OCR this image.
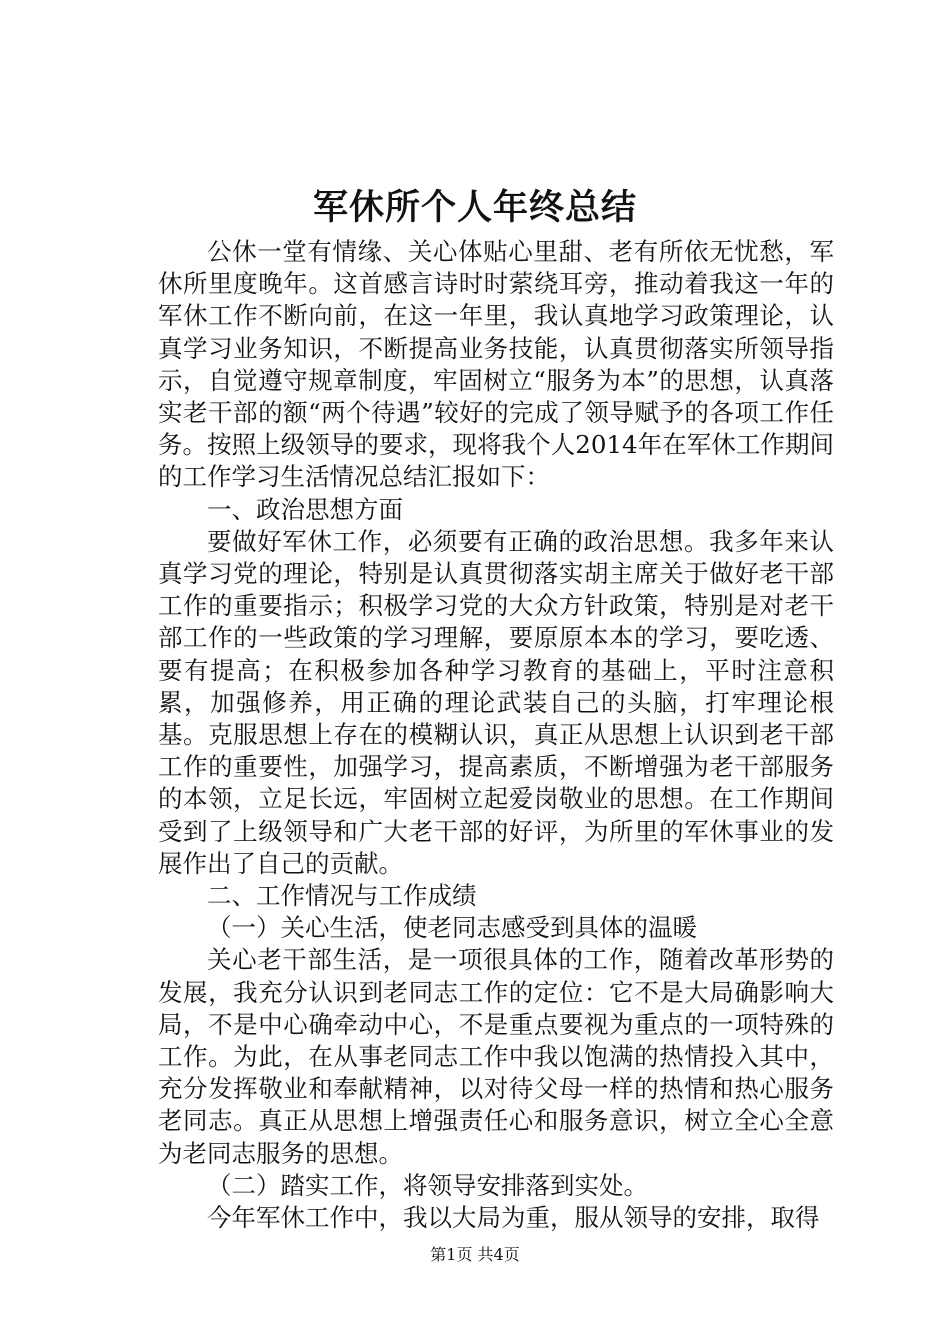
军休所个人年终总结

公休一堂有情缘、关心体贴心里甜、老有所依无忧愁，军休所里度晚年。这首感言诗时时萦绕耳旁，推动着我这一年的军休工作不断向前，在这一年里，我认真地学习政策理论，认真学习业务知识，不断提高业务技能，认真贯彻落实所领导指示，自觉遵守规章制度，牢固树立“服务为本”的思想，认真落实老干部的额“两个待遇”较好的完成了领导赋予的各项工作任务。按照上级领导的要求，现将我个人2014年在军休工作期间的工作学习生活情况总结汇报如下：

一、政治思想方面

要做好军休工作，必须要有正确的政治思想。我多年来认真学习党的理论，特别是认真贯彻落实胡主席关于做好老干部工作的重要指示；积极学习党的大众方针政策，特别是对老干部工作的一些政策的学习理解，要原原本本的学习，要吃透、要有提高；在积极参加各种学习教育的基础上，平时注意积累，加强修养，用正确的理论武装自己的头脑，打牢理论根基。克服思想上存在的模糊认识，真正从思想上认识到老干部工作的重要性，加强学习，提高素质，不断增强为老干部服务的本领，立足长远，牢固树立起爱岗敬业的思想。在工作期间受到了上级领导和广大老干部的好评，为所里的军休事业的发展作出了自己的贡献。

二、工作情况与工作成绩

（一）关心生活，使老同志感受到具体的温暖

关心老干部生活，是一项很具体的工作，随着改革形势的发展，我充分认识到老同志工作的定位：它不是大局确影响大局，不是中心确牵动中心，不是重点要视为重点的一项特殊的工作。为此，在从事老同志工作中我以饱满的热情投入其中，充分发挥敬业和奉献精神，以对待父母一样的热情和热心服务老同志。真正从思想上增强责任心和服务意识，树立全心全意为老同志服务的思想。

（二）踏实工作，将领导安排落到实处。

今年军休工作中，我以大局为重，服从领导的安排，取得

第1页 共4页
